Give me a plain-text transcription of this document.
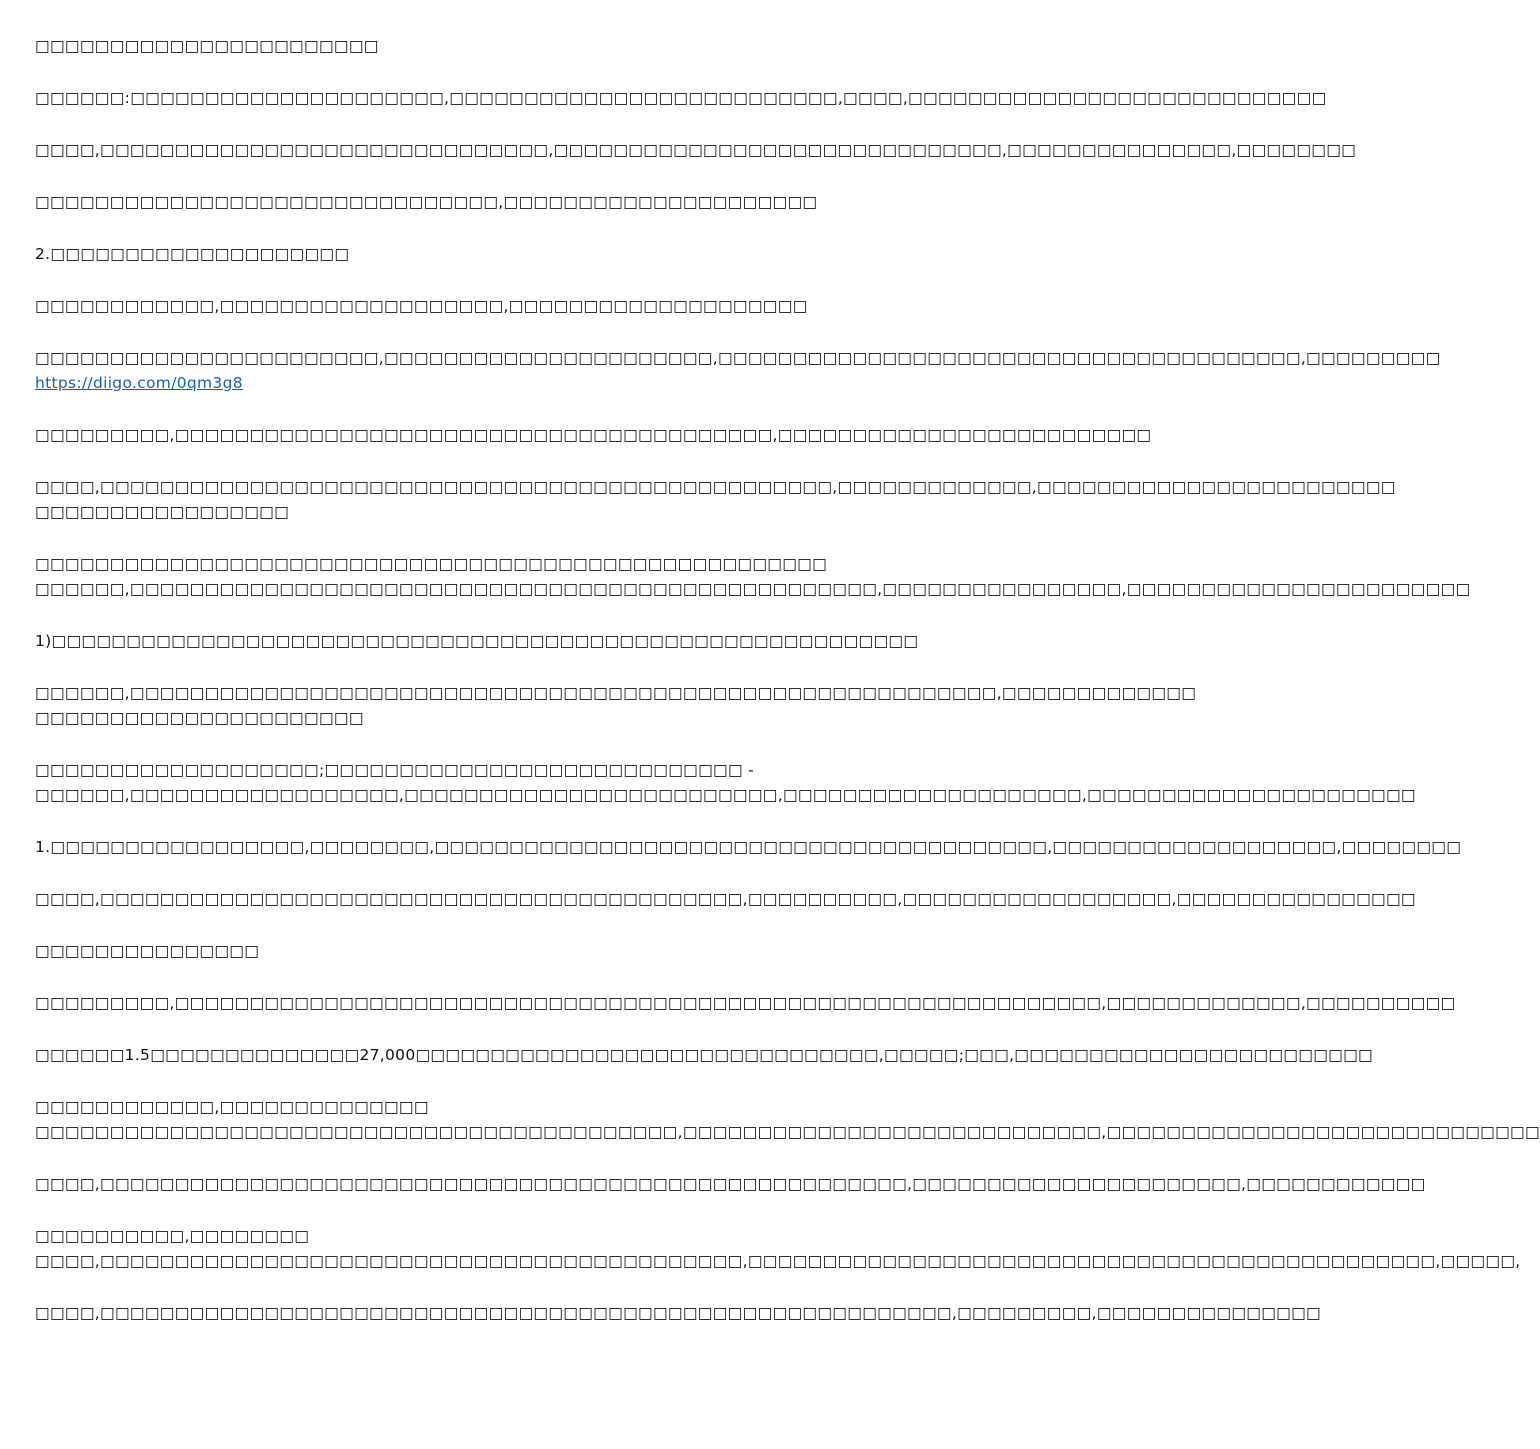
□□□□□□□□□□□□□□□□□□□□□□□

□□□□□□:□□□□□□□□□□□□□□□□□□□□□,□□□□□□□□□□□□□□□□□□□□□□□□□□,□□□□,□□□□□□□□□□□□□□□□□□□□□□□□□□□□

□□□□,□□□□□□□□□□□□□□□□□□□□□□□□□□□□□□,□□□□□□□□□□□□□□□□□□□□□□□□□□□□□□,□□□□□□□□□□□□□□□,□□□□□□□□

□□□□□□□□□□□□□□□□□□□□□□□□□□□□□□□,□□□□□□□□□□□□□□□□□□□□□

2.□□□□□□□□□□□□□□□□□□□□

□□□□□□□□□□□□,□□□□□□□□□□□□□□□□□□□,□□□□□□□□□□□□□□□□□□□□

□□□□□□□□□□□□□□□□□□□□□□□,□□□□□□□□□□□□□□□□□□□□□□,□□□□□□□□□□□□□□□□□□□□□□□□□□□□□□□□□□□□□□□,□□□□□□□□□
https://diigo.com/0qm3g8

□□□□□□□□□,□□□□□□□□□□□□□□□□□□□□□□□□□□□□□□□□□□□□□□□□,□□□□□□□□□□□□□□□□□□□□□□□□□

□□□□,□□□□□□□□□□□□□□□□□□□□□□□□□□□□□□□□□□□□□□□□□□□□□□□□□,□□□□□□□□□□□□□,□□□□□□□□□□□□□□□□□□□□□□□□
□□□□□□□□□□□□□□□□□
□□□□□□□□□□□□□□□□□□□□□□□□□□□□□□□□□□□□□□□□□□□□□□□□□□□□□
□□□□□□,□□□□□□□□□□□□□□□□□□□□□□□□□□□□□□□□□□□□□□□□□□□□□□□□□□,□□□□□□□□□□□□□□□□,□□□□□□□□□□□□□□□□□□□□□□□

1)□□□□□□□□□□□□□□□□□□□□□□□□□□□□□□□□□□□□□□□□□□□□□□□□□□□□□□□□□□

□□□□□□,□□□□□□□□□□□□□□□□□□□□□□□□□□□□□□□□□□□□□□□□□□□□□□□□□□□□□□□□□□,□□□□□□□□□□□□□
□□□□□□□□□□□□□□□□□□□□□□
□□□□□□□□□□□□□□□□□□□;□□□□□□□□□□□□□□□□□□□□□□□□□□□□ -
□□□□□□,□□□□□□□□□□□□□□□□□□,□□□□□□□□□□□□□□□□□□□□□□□□□,□□□□□□□□□□□□□□□□□□□□,□□□□□□□□□□□□□□□□□□□□□□

1.□□□□□□□□□□□□□□□□□,□□□□□□□□,□□□□□□□□□□□□□□□□□□□□□□□□□□□□□□□□□□□□□□□□□,□□□□□□□□□□□□□□□□□□□,□□□□□□□□

□□□□,□□□□□□□□□□□□□□□□□□□□□□□□□□□□□□□□□□□□□□□□□□□,□□□□□□□□□□,□□□□□□□□□□□□□□□□□□,□□□□□□□□□□□□□□□□

□□□□□□□□□□□□□□□

□□□□□□□□□,□□□□□□□□□□□□□□□□□□□□□□□□□□□□□□□□□□□□□□□□□□□□□□□□□□□□□□□□□□□□□□,□□□□□□□□□□□□□,□□□□□□□□□□

□□□□□□1.5□□□□□□□□□□□□□□27,000□□□□□□□□□□□□□□□□□□□□□□□□□□□□□□□,□□□□□;□□□,□□□□□□□□□□□□□□□□□□□□□□□□

□□□□□□□□□□□□,□□□□□□□□□□□□□□
□□□□□□□□□□□□□□□□□□□□□□□□□□□□□□□□□□□□□□□□□□□,□□□□□□□□□□□□□□□□□□□□□□□□□□□□,□□□□□□□□□□□□□□□□□□□□□□□□□□□□□

□□□□,□□□□□□□□□□□□□□□□□□□□□□□□□□□□□□□□□□□□□□□□□□□□□□□□□□□□□□,□□□□□□□□□□□□□□□□□□□□□□,□□□□□□□□□□□□

□□□□□□□□□□,□□□□□□□□
□□□□,□□□□□□□□□□□□□□□□□□□□□□□□□□□□□□□□□□□□□□□□□□□,□□□□□□□□□□□□□□□□□□□□□□□□□□□□□□□□□□□□□□□□□□□□□□,□□□□□,

□□□□,□□□□□□□□□□□□□□□□□□□□□□□□□□□□□□□□□□□□□□□□□□□□□□□□□□□□□□□□□,□□□□□□□□□,□□□□□□□□□□□□□□□
